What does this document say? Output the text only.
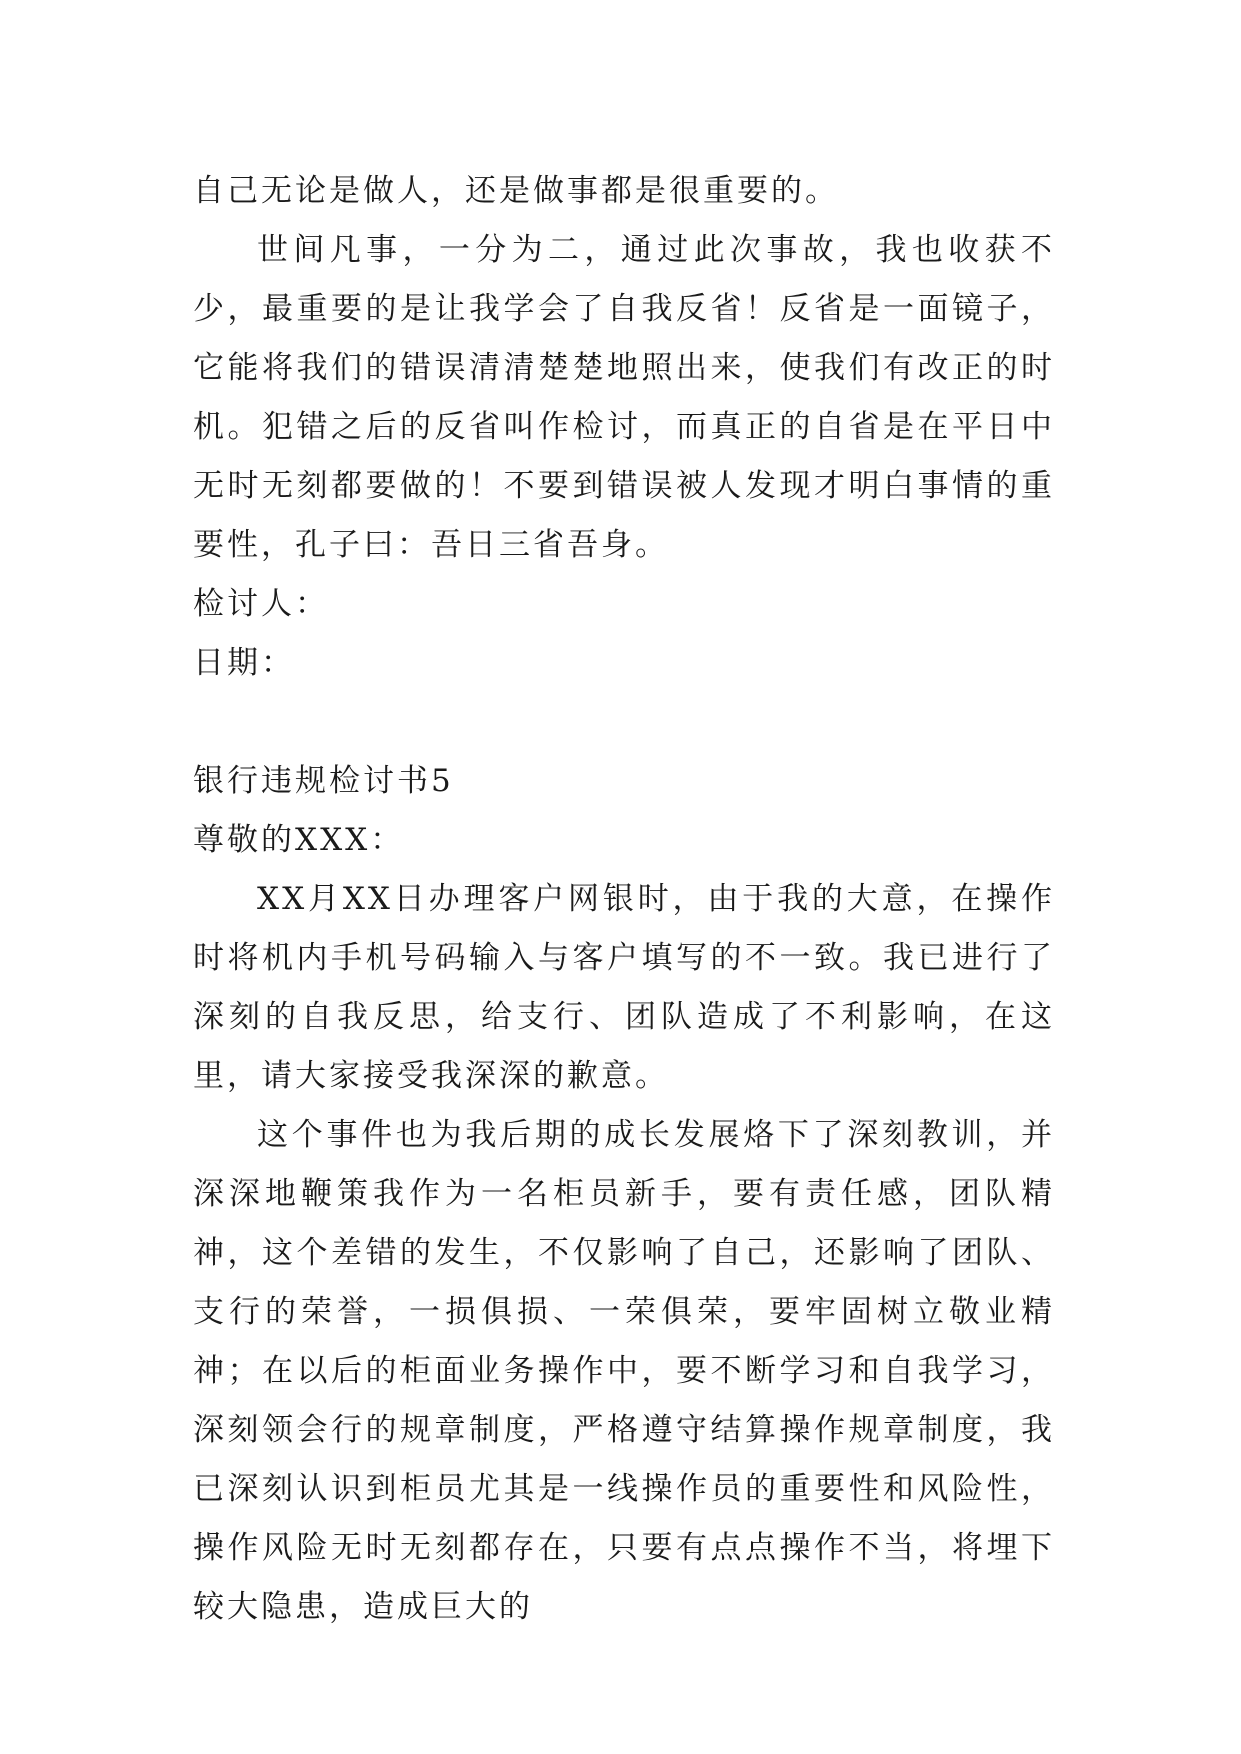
自己无论是做人，还是做事都是很重要的。

世间凡事，一分为二，通过此次事故，我也收获不少，最重要的是让我学会了自我反省！反省是一面镜子，它能将我们的错误清清楚楚地照出来，使我们有改正的时机。犯错之后的反省叫作检讨，而真正的自省是在平日中无时无刻都要做的！不要到错误被人发现才明白事情的重要性，孔子曰：吾日三省吾身。

检讨人：

日期：

银行违规检讨书5

尊敬的XXX：

XX月XX日办理客户网银时，由于我的大意，在操作时将机内手机号码输入与客户填写的不一致。我已进行了深刻的自我反思，给支行、团队造成了不利影响，在这里，请大家接受我深深的歉意。

这个事件也为我后期的成长发展烙下了深刻教训，并深深地鞭策我作为一名柜员新手，要有责任感，团队精神，这个差错的发生，不仅影响了自己，还影响了团队、支行的荣誉，一损俱损、一荣俱荣，要牢固树立敬业精神；在以后的柜面业务操作中，要不断学习和自我学习，深刻领会行的规章制度，严格遵守结算操作规章制度，我已深刻认识到柜员尤其是一线操作员的重要性和风险性，操作风险无时无刻都存在，只要有点点操作不当，将埋下较大隐患，造成巨大的
